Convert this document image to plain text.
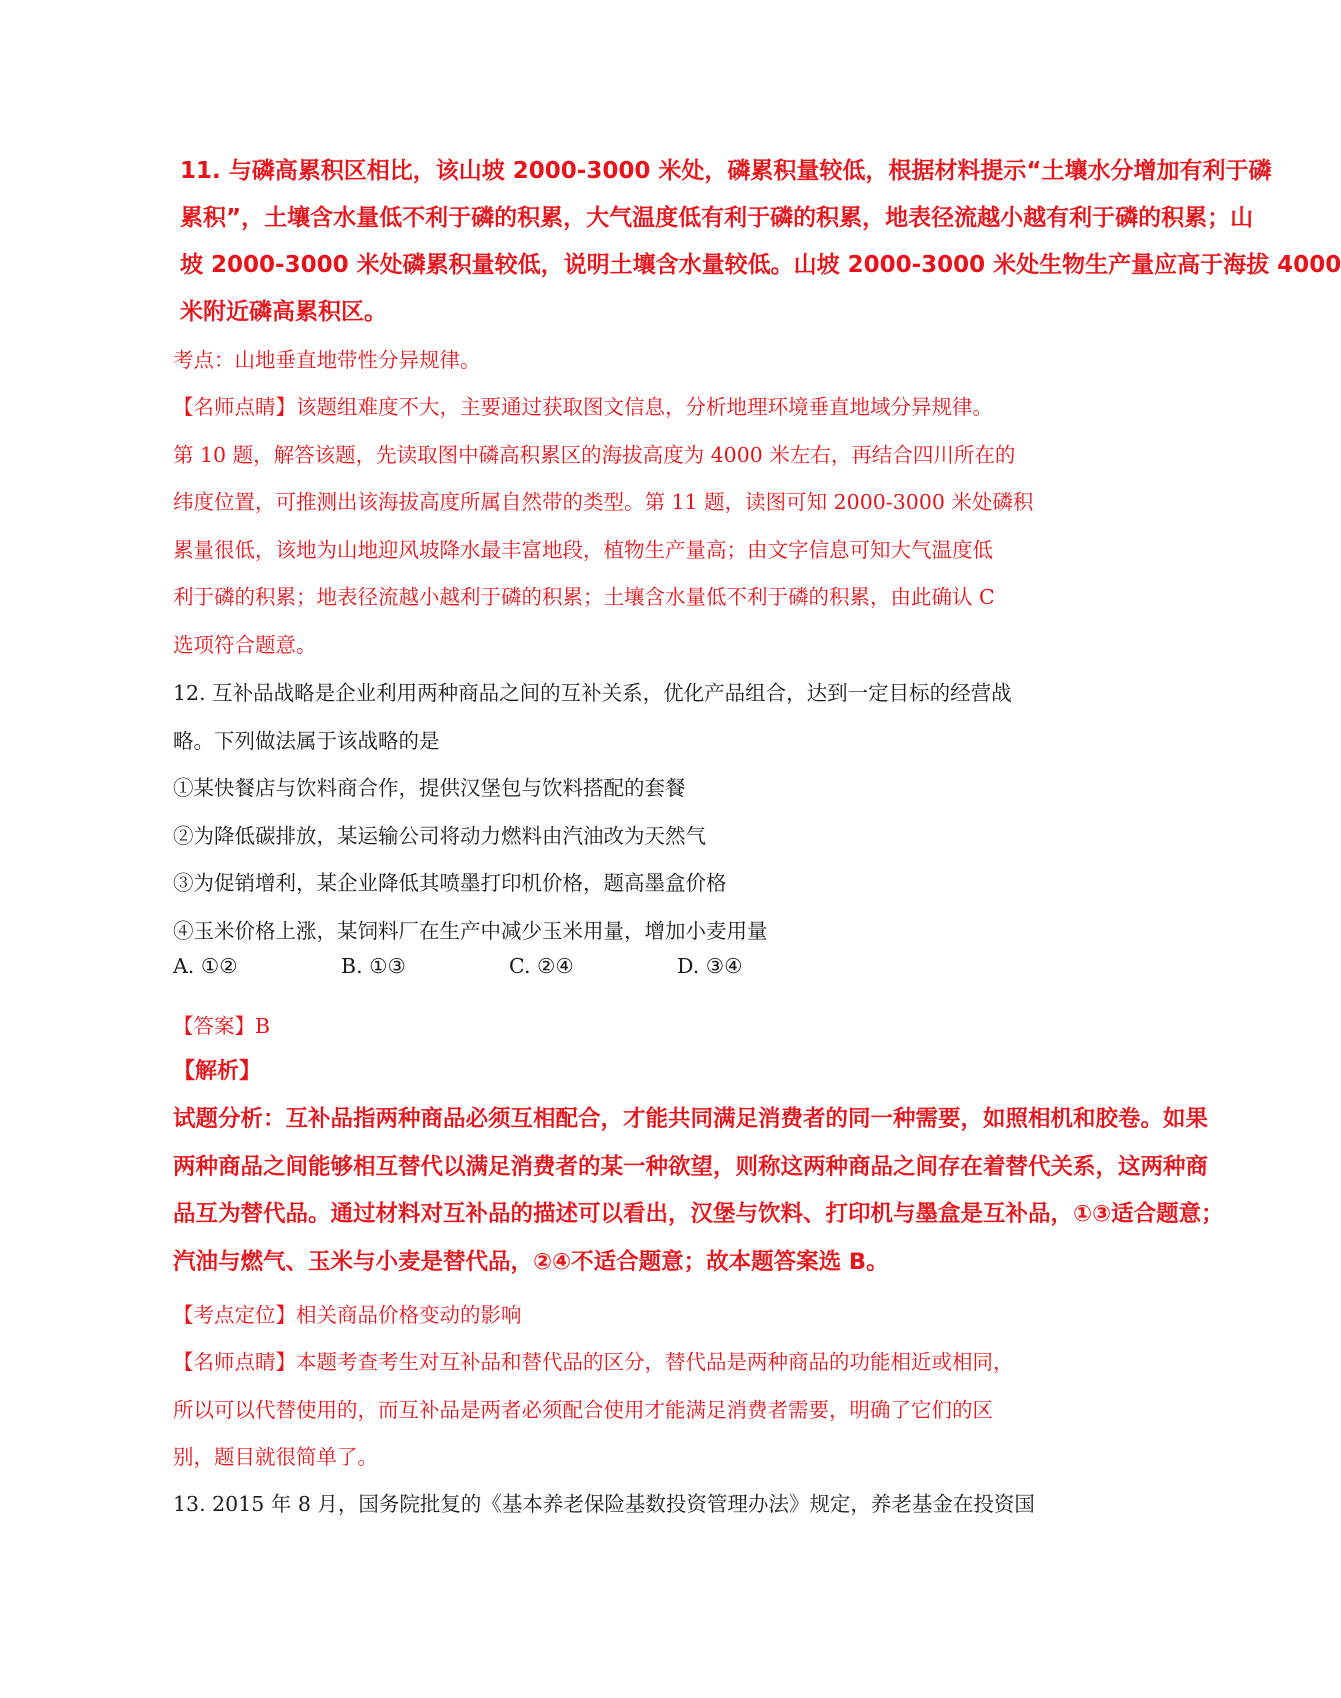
11. 与磷高累积区相比，该山坡 2000-3000 米处，磷累积量较低，根据材料提示“土壤水分增加有利于磷
累积”，土壤含水量低不利于磷的积累，大气温度低有利于磷的积累，地表径流越小越有利于磷的积累；山
坡 2000-3000 米处磷累积量较低，说明土壤含水量较低。山坡 2000-3000 米处生物生产量应高于海拔 4000
米附近磷高累积区。
考点：山地垂直地带性分异规律。
【名师点睛】该题组难度不大，主要通过获取图文信息，分析地理环境垂直地域分异规律。
第 10 题，解答该题，先读取图中磷高积累区的海拔高度为 4000 米左右，再结合四川所在的
纬度位置，可推测出该海拔高度所属自然带的类型。第 11 题，读图可知 2000-3000 米处磷积
累量很低，该地为山地迎风坡降水最丰富地段，植物生产量高；由文字信息可知大气温度低
利于磷的积累；地表径流越小越利于磷的积累；土壤含水量低不利于磷的积累，由此确认 C
选项符合题意。
12. 互补品战略是企业利用两种商品之间的互补关系，优化产品组合，达到一定目标的经营战
略。下列做法属于该战略的是
①某快餐店与饮料商合作，提供汉堡包与饮料搭配的套餐
②为降低碳排放，某运输公司将动力燃料由汽油改为天然气
③为促销增利，某企业降低其喷墨打印机价格，题高墨盒价格
④玉米价格上涨，某饲料厂在生产中减少玉米用量，增加小麦用量
A. ①②	B. ①③	C. ②④	D. ③④
【答案】B
【解析】
试题分析：互补品指两种商品必须互相配合，才能共同满足消费者的同一种需要，如照相机和胶卷。如果
两种商品之间能够相互替代以满足消费者的某一种欲望，则称这两种商品之间存在着替代关系，这两种商
品互为替代品。通过材料对互补品的描述可以看出，汉堡与饮料、打印机与墨盒是互补品，①③适合题意；
汽油与燃气、玉米与小麦是替代品，②④不适合题意；故本题答案选 B。
【考点定位】相关商品价格变动的影响
【名师点睛】本题考查考生对互补品和替代品的区分，替代品是两种商品的功能相近或相同，
所以可以代替使用的，而互补品是两者必须配合使用才能满足消费者需要，明确了它们的区
别，题目就很简单了。
13. 2015 年 8 月，国务院批复的《基本养老保险基数投资管理办法》规定，养老基金在投资国
